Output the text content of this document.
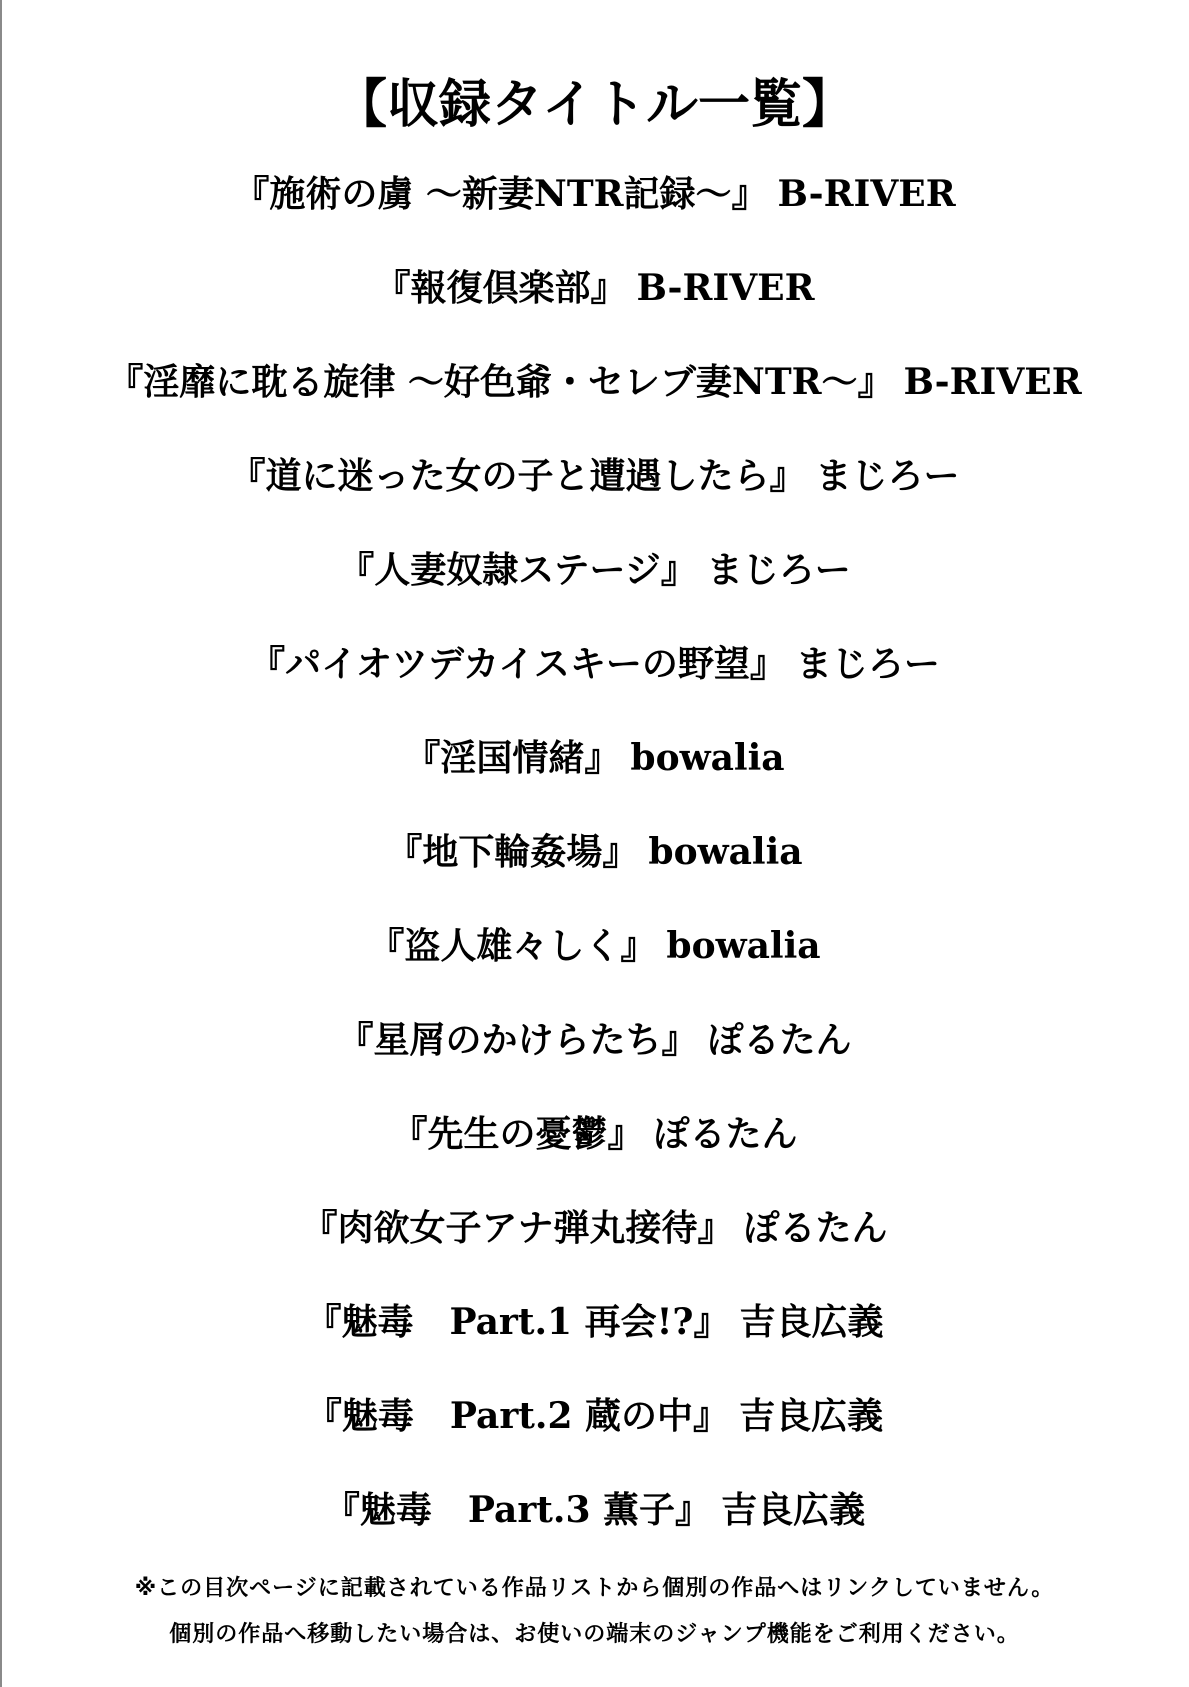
【収録タイトル一覧】
『施術の虜 ～新妻NTR記録～』 B-RIVER
『報復倶楽部』 B-RIVER
『淫靡に耽る旋律 ～好色爺・セレブ妻NTR～』 B-RIVER
『道に迷った女の子と遭遇したら』 まじろー
『人妻奴隷ステージ』 まじろー
『パイオツデカイスキーの野望』 まじろー
『淫国情緒』 bowalia
『地下輪姦場』 bowalia
『盗人雄々しく』 bowalia
『星屑のかけらたち』 ぽるたん
『先生の憂鬱』 ぽるたん
『肉欲女子アナ弾丸接待』 ぽるたん
『魅毒　Part.1 再会!?』 吉良広義
『魅毒　Part.2 蔵の中』 吉良広義
『魅毒　Part.3 薫子』 吉良広義
※この目次ページに記載されている作品リストから個別の作品へはリンクしていません。
個別の作品へ移動したい場合は、お使いの端末のジャンプ機能をご利用ください。
